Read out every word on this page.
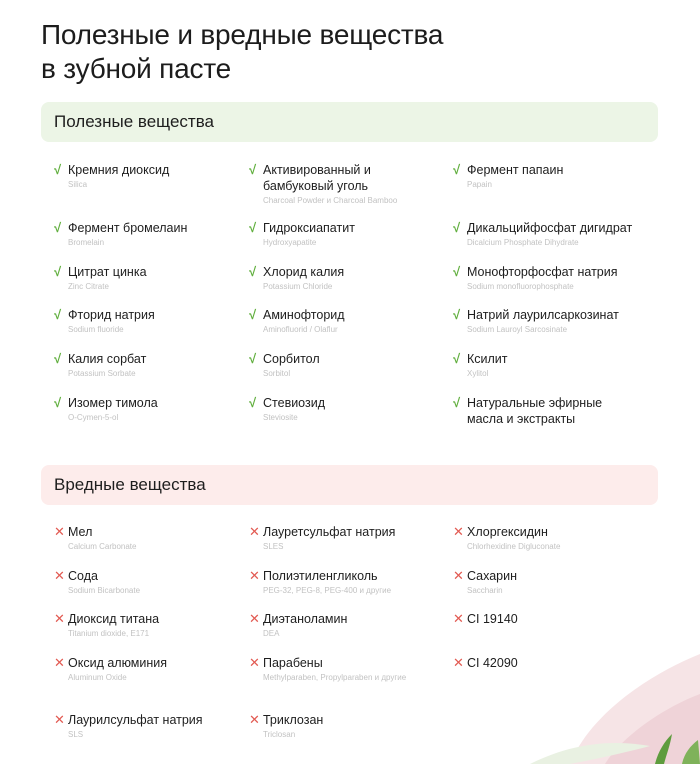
Полезные и вредные вещества
в зубной пасте
Полезные вещества
√ Кремния диоксид
Silica
√ Активированный и бамбуковый уголь
Charcoal Powder и Charcoal Bamboo
√ Фермент папаин
Papain
√ Фермент бромелаин
Bromelain
√ Гидроксиапатит
Hydroxyapatite
√ Дикальцийфосфат дигидрат
Dicalcium Phosphate Dihydrate
√ Цитрат цинка
Zinc Citrate
√ Хлорид калия
Potassium Chloride
√ Монофторфосфат натрия
Sodium monofluorophosphate
√ Фторид натрия
Sodium fluoride
√ Аминофторид
Aminofluorid / Olaflur
√ Натрий лаурилсаркозинат
Sodium Lauroyl Sarcosinate
√ Калия сорбат
Potassium Sorbate
√ Сорбитол
Sorbitol
√ Ксилит
Xylitol
√ Изомер тимола
O-Cymen-5-ol
√ Стевиозид
Steviosite
√ Натуральные эфирные масла и экстракты
Вредные вещества
✕ Мел
Calcium Carbonate
✕ Лауретсульфат натрия
SLES
✕ Хлоргексидин
Chlorhexidine Digluconate
✕ Сода
Sodium Bicarbonate
✕ Полиэтиленгликоль
PEG-32, PEG-8, PEG-400 и другие
✕ Сахарин
Saccharin
✕ Диоксид титана
Titanium dioxide, E171
✕ Диэтаноламин
DEA
✕ CI 19140
✕ Оксид алюминия
Aluminum Oxide
✕ Парабены
Methylparaben, Propylparaben и другие
✕ CI 42090
✕ Лаурилсульфат натрия
SLS
✕ Триклозан
Triclosan
